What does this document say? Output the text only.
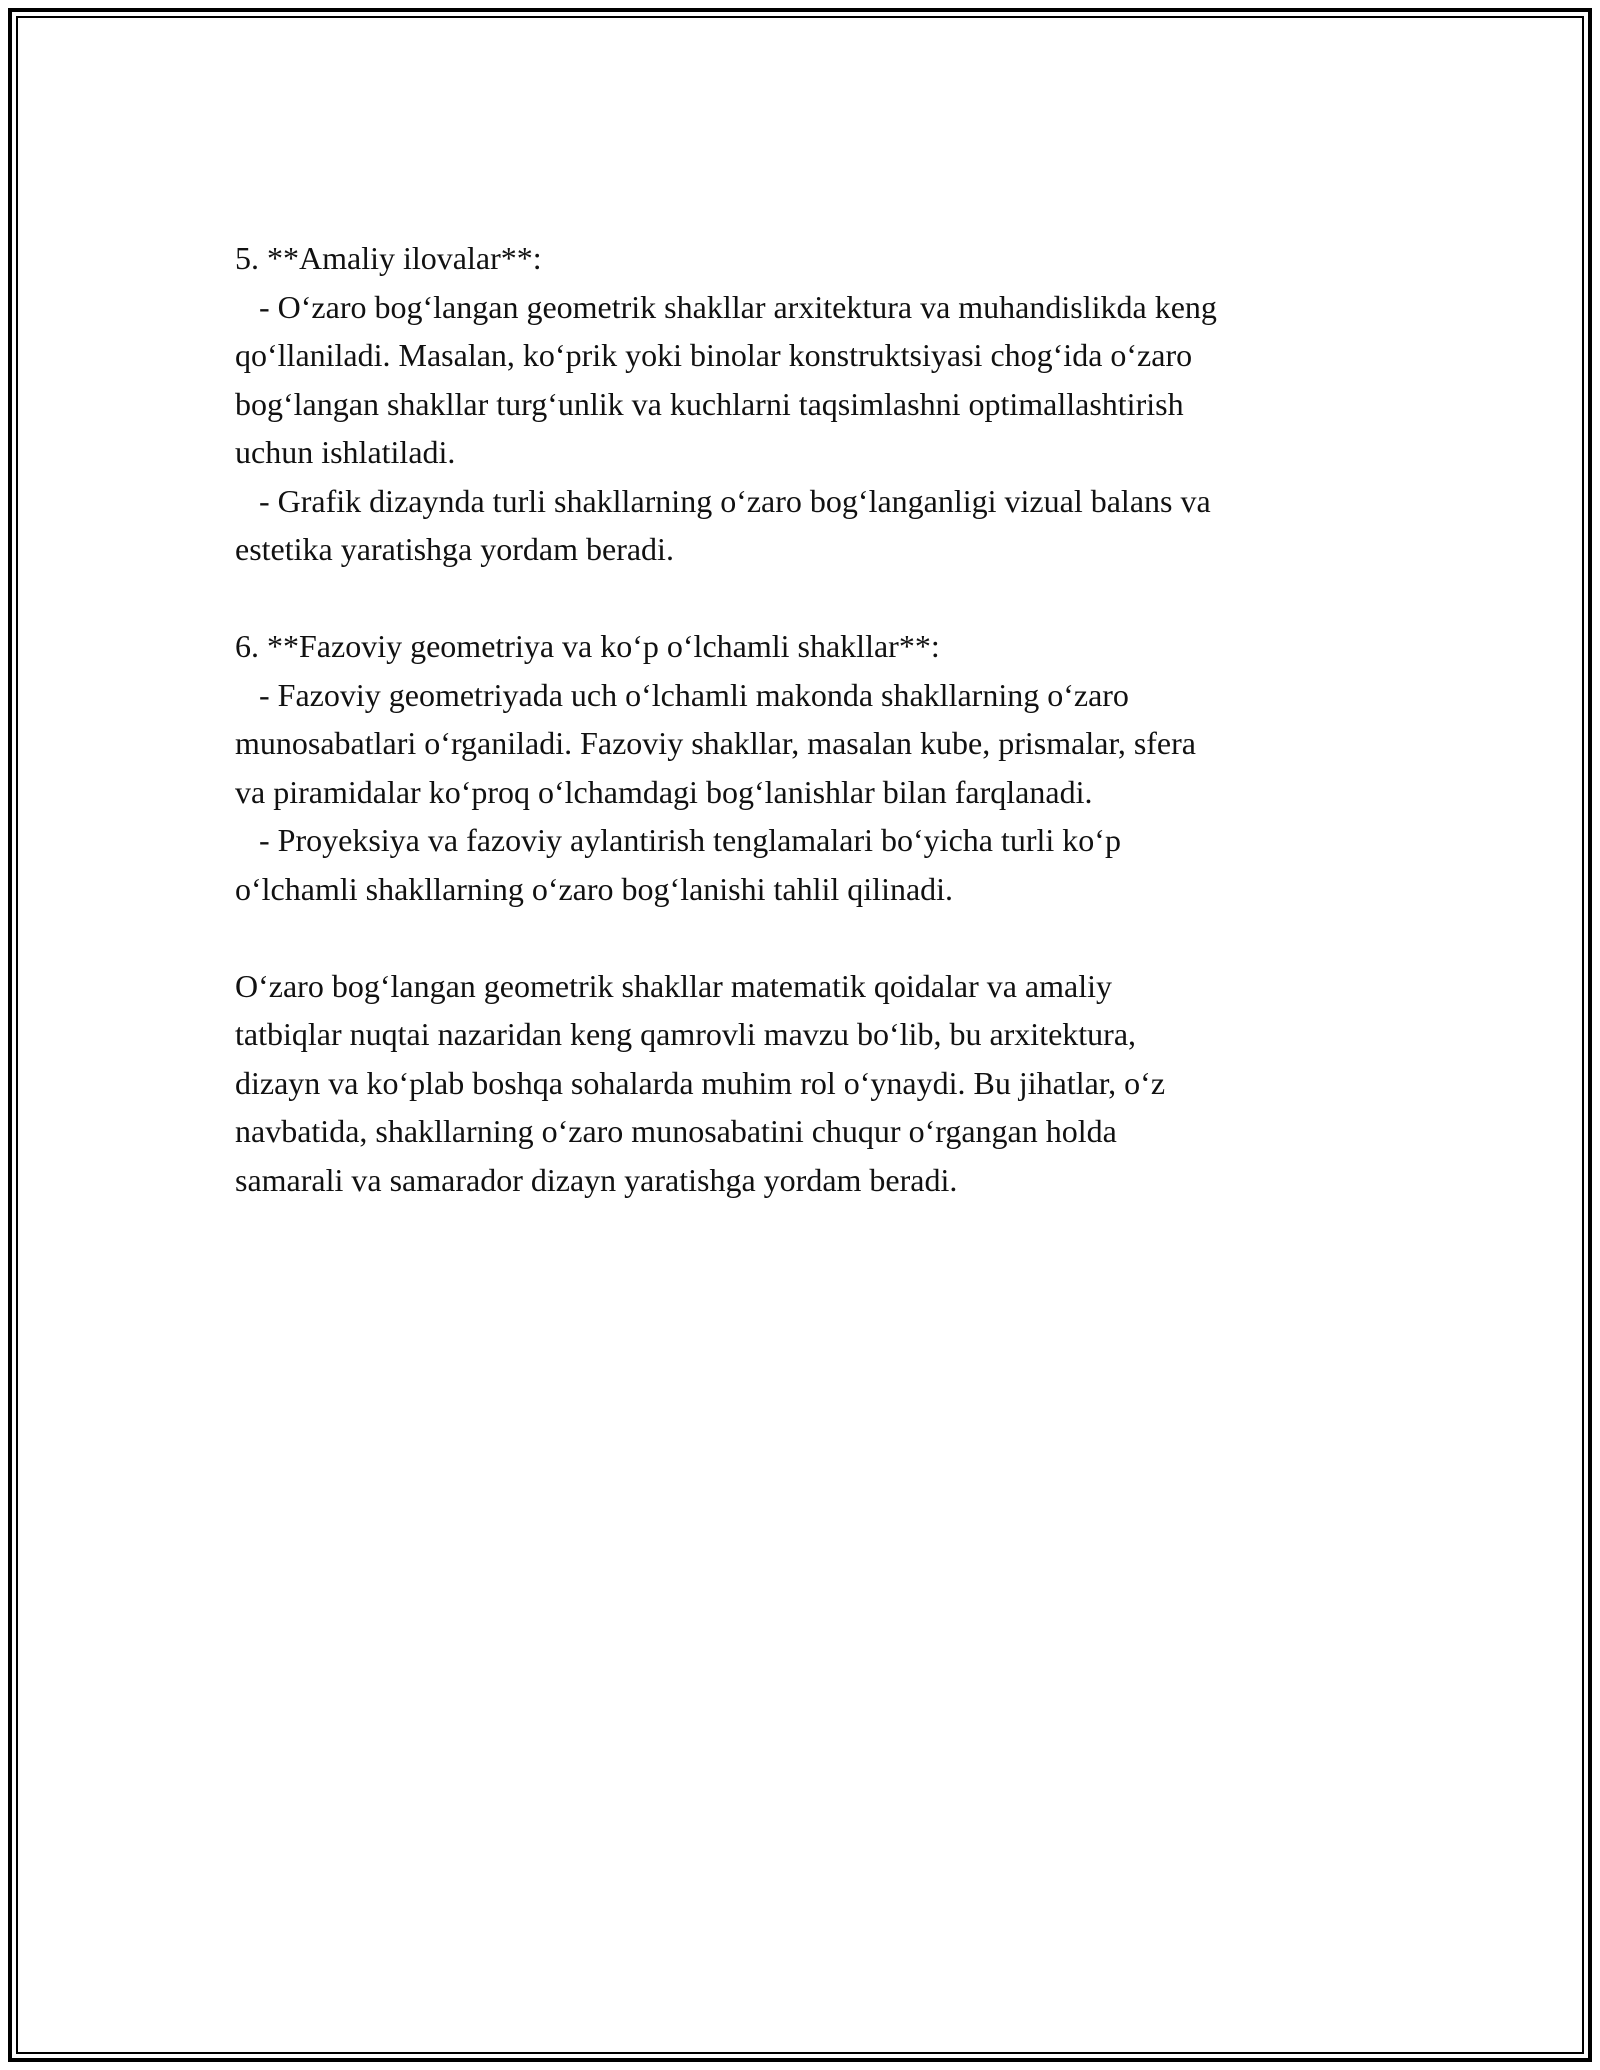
5. **Amaliy ilovalar**:
- O‘zaro bog‘langan geometrik shakllar arxitektura va muhandislikda keng
qo‘llaniladi. Masalan, ko‘prik yoki binolar konstruktsiyasi chog‘ida o‘zaro
bog‘langan shakllar turg‘unlik va kuchlarni taqsimlashni optimallashtirish
uchun ishlatiladi.
- Grafik dizaynda turli shakllarning o‘zaro bog‘langanligi vizual balans va
estetika yaratishga yordam beradi.
6. **Fazoviy geometriya va ko‘p o‘lchamli shakllar**:
- Fazoviy geometriyada uch o‘lchamli makonda shakllarning o‘zaro
munosabatlari o‘rganiladi. Fazoviy shakllar, masalan kube, prismalar, sfera
va piramidalar ko‘proq o‘lchamdagi bog‘lanishlar bilan farqlanadi.
- Proyeksiya va fazoviy aylantirish tenglamalari bo‘yicha turli ko‘p
o‘lchamli shakllarning o‘zaro bog‘lanishi tahlil qilinadi.
O‘zaro bog‘langan geometrik shakllar matematik qoidalar va amaliy
tatbiqlar nuqtai nazaridan keng qamrovli mavzu bo‘lib, bu arxitektura,
dizayn va ko‘plab boshqa sohalarda muhim rol o‘ynaydi. Bu jihatlar, o‘z
navbatida, shakllarning o‘zaro munosabatini chuqur o‘rgangan holda
samarali va samarador dizayn yaratishga yordam beradi.
